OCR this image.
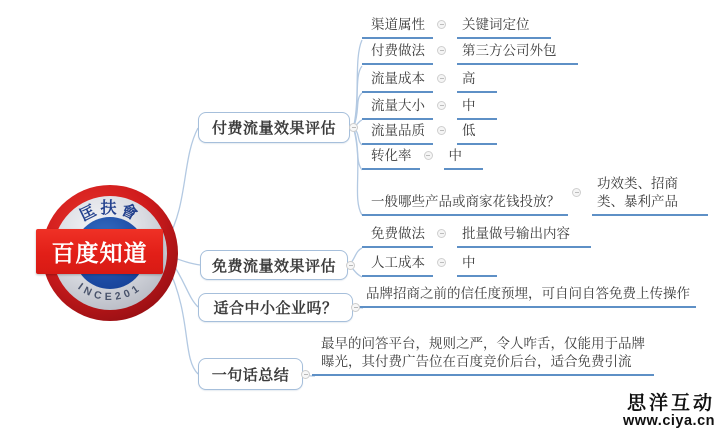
匡扶會
INCE201
百度知道
付费流量效果评估
免费流量效果评估
适合中小企业吗？
一句话总结
渠道属性	关键词定位
付费做法	第三方公司外包
流量成本	高
流量大小	中
流量品质	低
转化率	中
一般哪些产品或商家花钱投放？
功效类、招商类、暴利产品
免费做法	批量做号输出内容
人工成本	中
品牌招商之前的信任度预埋，可自问自答免费上传操作
最早的问答平台，规则之严，令人咋舌，仅能用于品牌曝光，其付费广告位在百度竞价后台，适合免费引流
思洋互动
www.ciya.cn
